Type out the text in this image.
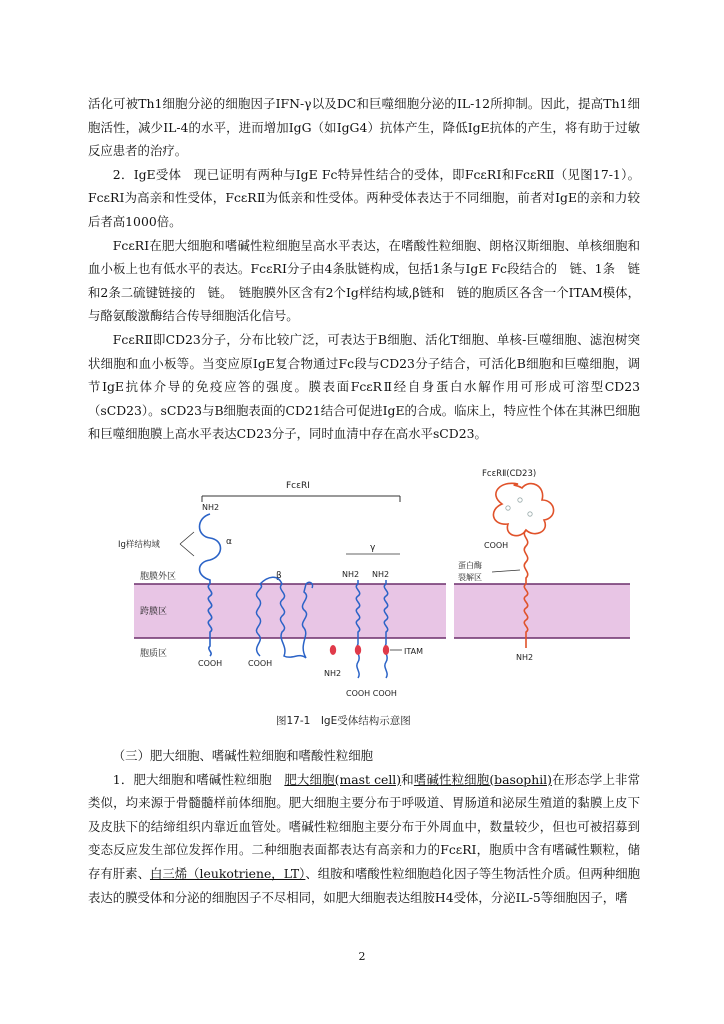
活化可被Th1细胞分泌的细胞因子IFN-γ以及DC和巨噬细胞分泌的IL-12所抑制。因此，提高Th1细胞活性，减少IL-4的水平，进而增加IgG（如IgG4）抗体产生，降低IgE抗体的产生，将有助于过敏反应患者的治疗。

2．IgE受体　现已证明有两种与IgE Fc特异性结合的受体，即FcεRⅠ和FcεRⅡ（见图17-1）。FcεRⅠ为高亲和性受体，FcεRⅡ为低亲和性受体。两种受体表达于不同细胞，前者对IgE的亲和力较后者高1000倍。

FcεRⅠ在肥大细胞和嗜碱性粒细胞呈高水平表达，在嗜酸性粒细胞、朗格汉斯细胞、单核细胞和血小板上也有低水平的表达。FcεRⅠ分子由4条肽链构成，包括1条与IgE Fc段结合的　链、1条　链和2条二硫键链接的　链。　链胞膜外区含有2个Ig样结构域,β链和　链的胞质区各含一个ITAM模体，与酪氨酸激酶结合传导细胞活化信号。

FcεRⅡ即CD23分子，分布比较广泛，可表达于B细胞、活化T细胞、单核-巨噬细胞、滤泡树突状细胞和血小板等。当变应原IgE复合物通过Fc段与CD23分子结合，可活化B细胞和巨噬细胞，调节IgE抗体介导的免疫应答的强度。膜表面FcεRⅡ经自身蛋白水解作用可形成可溶型CD23（sCD23）。sCD23与B细胞表面的CD21结合可促进IgE的合成。临床上，特应性个体在其淋巴细胞和巨噬细胞膜上高水平表达CD23分子，同时血清中存在高水平sCD23。

胞膜外区
跨膜区
胞质区
FcεRⅠ
NH2
α
Ig样结构域
COOH
β
COOH
γ
NH2 NH2
ITAM
NH2
COOH COOH
FcεRⅡ(CD23)
COOH
蛋白酶
裂解区
NH2
图17-1　IgE受体结构示意图

（三）肥大细胞、嗜碱性粒细胞和嗜酸性粒细胞

1．肥大细胞和嗜碱性粒细胞　肥大细胞(mast cell)和嗜碱性粒细胞(basophil)在形态学上非常类似，均来源于骨髓髓样前体细胞。肥大细胞主要分布于呼吸道、胃肠道和泌尿生殖道的黏膜上皮下及皮肤下的结缔组织内靠近血管处。嗜碱性粒细胞主要分布于外周血中，数量较少，但也可被招募到变态反应发生部位发挥作用。二种细胞表面都表达有高亲和力的FcεRI，胞质中含有嗜碱性颗粒，储存有肝素、白三烯（leukotriene，LT）、组胺和嗜酸性粒细胞趋化因子等生物活性介质。但两种细胞表达的膜受体和分泌的细胞因子不尽相同，如肥大细胞表达组胺H4受体，分泌IL-5等细胞因子，嗜

2
